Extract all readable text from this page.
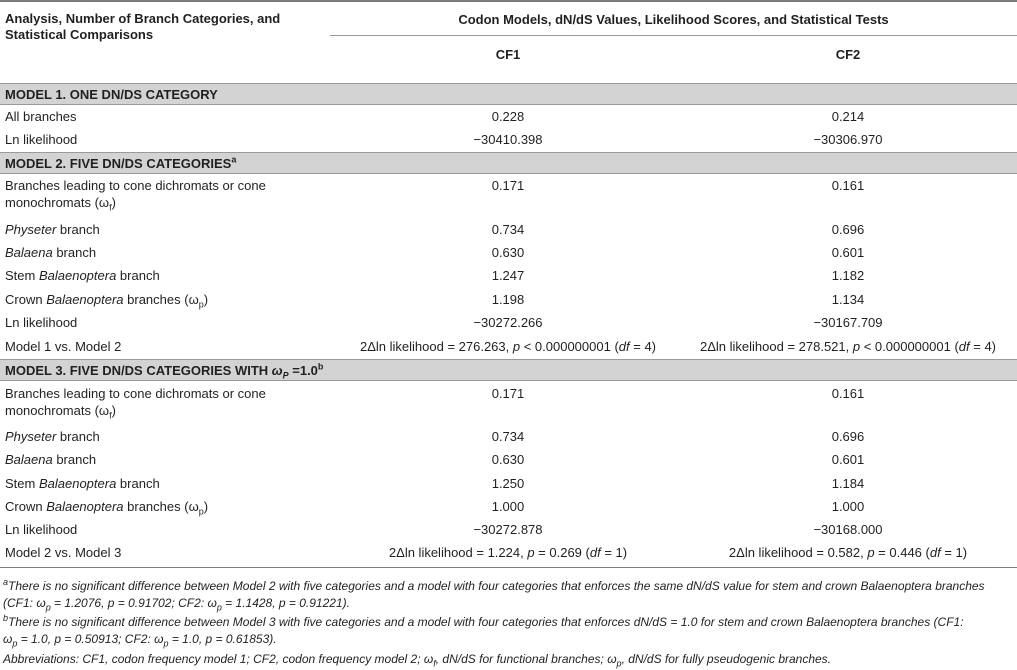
Analysis, Number of Branch Categories, and
Statistical Comparisons
Codon Models, dN/dS Values, Likelihood Scores, and Statistical Tests
CF1	CF2
MODEL 1. ONE DN/DS CATEGORY
All branches	0.228	0.214
Ln likelihood	−30410.398	−30306.970
MODEL 2. FIVE DN/DS CATEGORIES$^a$
Branches leading to cone dichromats or cone
monochromats $(\omega_f)$
0.171	0.161
Physeter branch	0.734	0.696
Balaena branch	0.630	0.601
Stem Balaenoptera branch	1.247	1.182
Crown Balaenoptera branches $(\omega_p)$	1.198	1.134
Ln likelihood	−30272.266	−30167.709
Model 1 vs. Model 2	2Δln likelihood = 276.263, p < 0.000000001 (df = 4)	2Δln likelihood = 278.521, p < 0.000000001 (df = 4)
MODEL 3. FIVE DN/DS CATEGORIES WITH $\omega_P =1.0^b$
Branches leading to cone dichromats or cone
monochromats $(\omega_f)$
0.171	0.161
Physeter branch	0.734	0.696
Balaena branch	0.630	0.601
Stem Balaenoptera branch	1.250	1.184
Crown Balaenoptera branches $(\omega_p)$	1.000	1.000
Ln likelihood	−30272.878	−30168.000
Model 2 vs. Model 3	2Δln likelihood = 1.224, p = 0.269 (df = 1)	2Δln likelihood = 0.582, p = 0.446 (df = 1)
$^a$There is no significant difference between Model 2 with five categories and a model with four categories that enforces the same dN/dS value for stem and crown Balaenoptera branches
(CF1: $\omega_p = 1.2076$, p = 0.91702; CF2: $\omega_p = 1.1428$, p = 0.91221).
$^b$There is no significant difference between Model 3 with five categories and a model with four categories that enforces dN/dS = 1.0 for stem and crown Balaenoptera branches (CF1:
$\omega_p = 1.0$, p = 0.50913; CF2: $\omega_p = 1.0$, p = 0.61853).
Abbreviations: CF1, codon frequency model 1; CF2, codon frequency model 2; $\omega_f$, dN/dS for functional branches; $\omega_p$, dN/dS for fully pseudogenic branches.
